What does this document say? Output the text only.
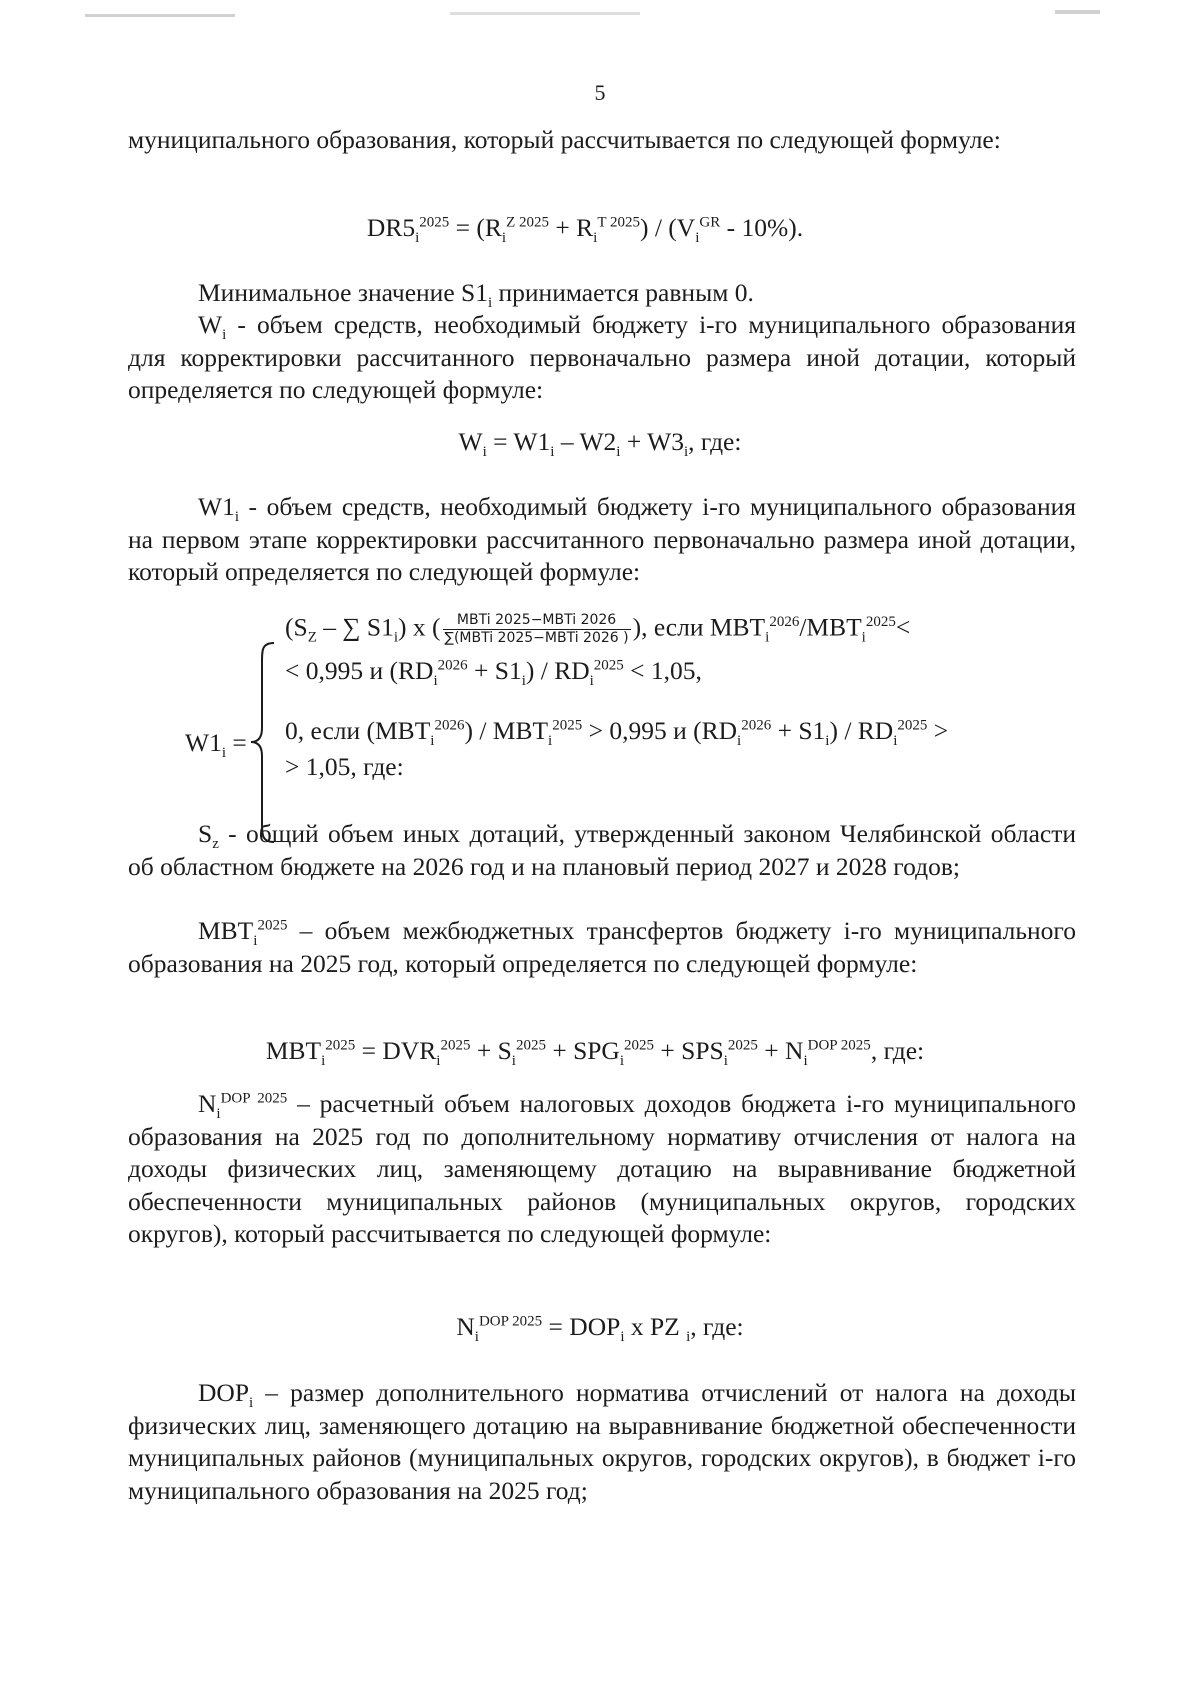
5
муниципального образования, который рассчитывается по следующей формуле:
$DR5_i^{2025} = (R_i^{Z 2025} + R_i^{T 2025}) / (V_i^{GR} - 10\%)$.
Минимальное значение $S1_i$ принимается равным 0.
$W_i$ - объем средств, необходимый бюджету i-го муниципального образования для корректировки рассчитанного первоначально размера иной дотации, который определяется по следующей формуле:
$W_i = W1_i - W2_i + W3_i$, где:
$W1_i$ - объем средств, необходимый бюджету i-го муниципального образования на первом этапе корректировки рассчитанного первоначально размера иной дотации, который определяется по следующей формуле:
$W1_i$ =
($S_Z$ – ∑ $S1_i$) x ( $\frac{\text{MBTi 2025−MBTi 2026}}{\text{∑(MBTi 2025−MBTi 2026 )}}$ ), если $MBT_i^{2026}/MBT_i^{2025}<$
< 0,995 и $(RD_i^{2026} + S1_i) / RD_i^{2025} < 1,05$,
0, если $(MBT_i^{2026}) / MBT_i^{2025} > 0,995$ и $(RD_i^{2026} + S1_i) / RD_i^{2025}$ >
> 1,05, где:
$S_z$ - общий объем иных дотаций, утвержденный законом Челябинской области об областном бюджете на 2026 год и на плановый период 2027 и 2028 годов;
$MBT_i^{2025}$ – объем межбюджетных трансфертов бюджету i-го муниципального образования на 2025 год, который определяется по следующей формуле:
$MBT_i^{2025} = DVR_i^{2025} + S_i^{2025} + SPG_i^{2025} + SPS_i^{2025} + N_i^{DOP 2025}$, где:
$N_i^{DOP 2025}$ – расчетный объем налоговых доходов бюджета i-го муниципального образования на 2025 год по дополнительному нормативу отчисления от налога на доходы физических лиц, заменяющему дотацию на выравнивание бюджетной обеспеченности муниципальных районов (муниципальных округов, городских округов), который рассчитывается по следующей формуле:
$N_i^{DOP 2025} = DOP_i$ x PZ $_i$, где:
$DOP_i$ – размер дополнительного норматива отчислений от налога на доходы физических лиц, заменяющего дотацию на выравнивание бюджетной обеспеченности муниципальных районов (муниципальных округов, городских округов), в бюджет i-го муниципального образования на 2025 год;
